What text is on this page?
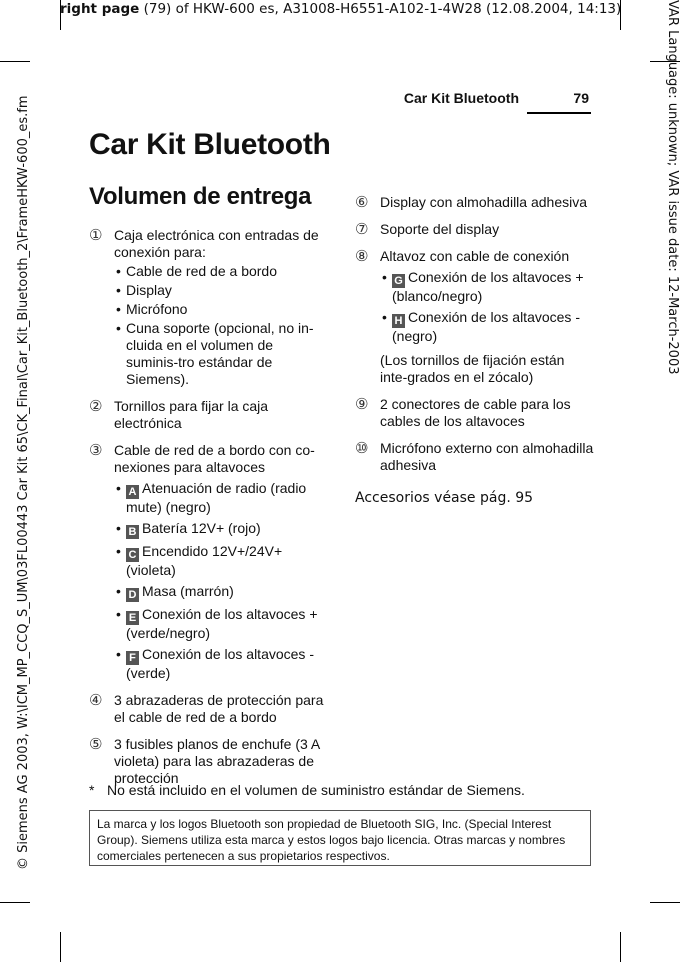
right page (79) of HKW-600 es, A31008-H6551-A102-1-4W28 (12.08.2004, 14:13)
© Siemens AG 2003, W:\ICM_MP_CCQ_S_UM\03FL00443 Car Kit 65\CK_Final\Car_Kit_Bluetooth_2\FrameHKW-600_es.fm	VAR Language: unknown; VAR issue date: 12-March-2003
Car Kit Bluetooth	79
Car Kit Bluetooth
Volumen de entrega
① Caja electrónica con entradas de conexión para:
• Cable de red de a bordo
• Display
• Micrófono
• Cuna soporte (opcional, no in-cluida en el volumen de suminis-tro estándar de Siemens).
② Tornillos para fijar la caja electrónica
③ Cable de red de a bordo con co-nexiones para altavoces
• A Atenuación de radio (radio mute) (negro)
• B Batería 12V+ (rojo)
• C Encendido 12V+/24V+ (violeta)
• D Masa (marrón)
• E Conexión de los altavoces + (verde/negro)
• F Conexión de los altavoces - (verde)
④ 3 abrazaderas de protección para el cable de red de a bordo
⑤ 3 fusibles planos de enchufe (3 A violeta) para las abrazaderas de protección
⑥ Display con almohadilla adhesiva
⑦ Soporte del display
⑧ Altavoz con cable de conexión
• G Conexión de los altavoces + (blanco/negro)
• H Conexión de los altavoces - (negro)
(Los tornillos de fijación están inte-grados en el zócalo)
⑨ 2 conectores de cable para los cables de los altavoces
⑩ Micrófono externo con almohadilla adhesiva
Accesorios véase pág. 95
* No está incluido en el volumen de suministro estándar de Siemens.
La marca y los logos Bluetooth son propiedad de Bluetooth SIG, Inc. (Special Interest Group). Siemens utiliza esta marca y estos logos bajo licencia. Otras marcas y nombres comerciales pertenecen a sus propietarios respectivos.
